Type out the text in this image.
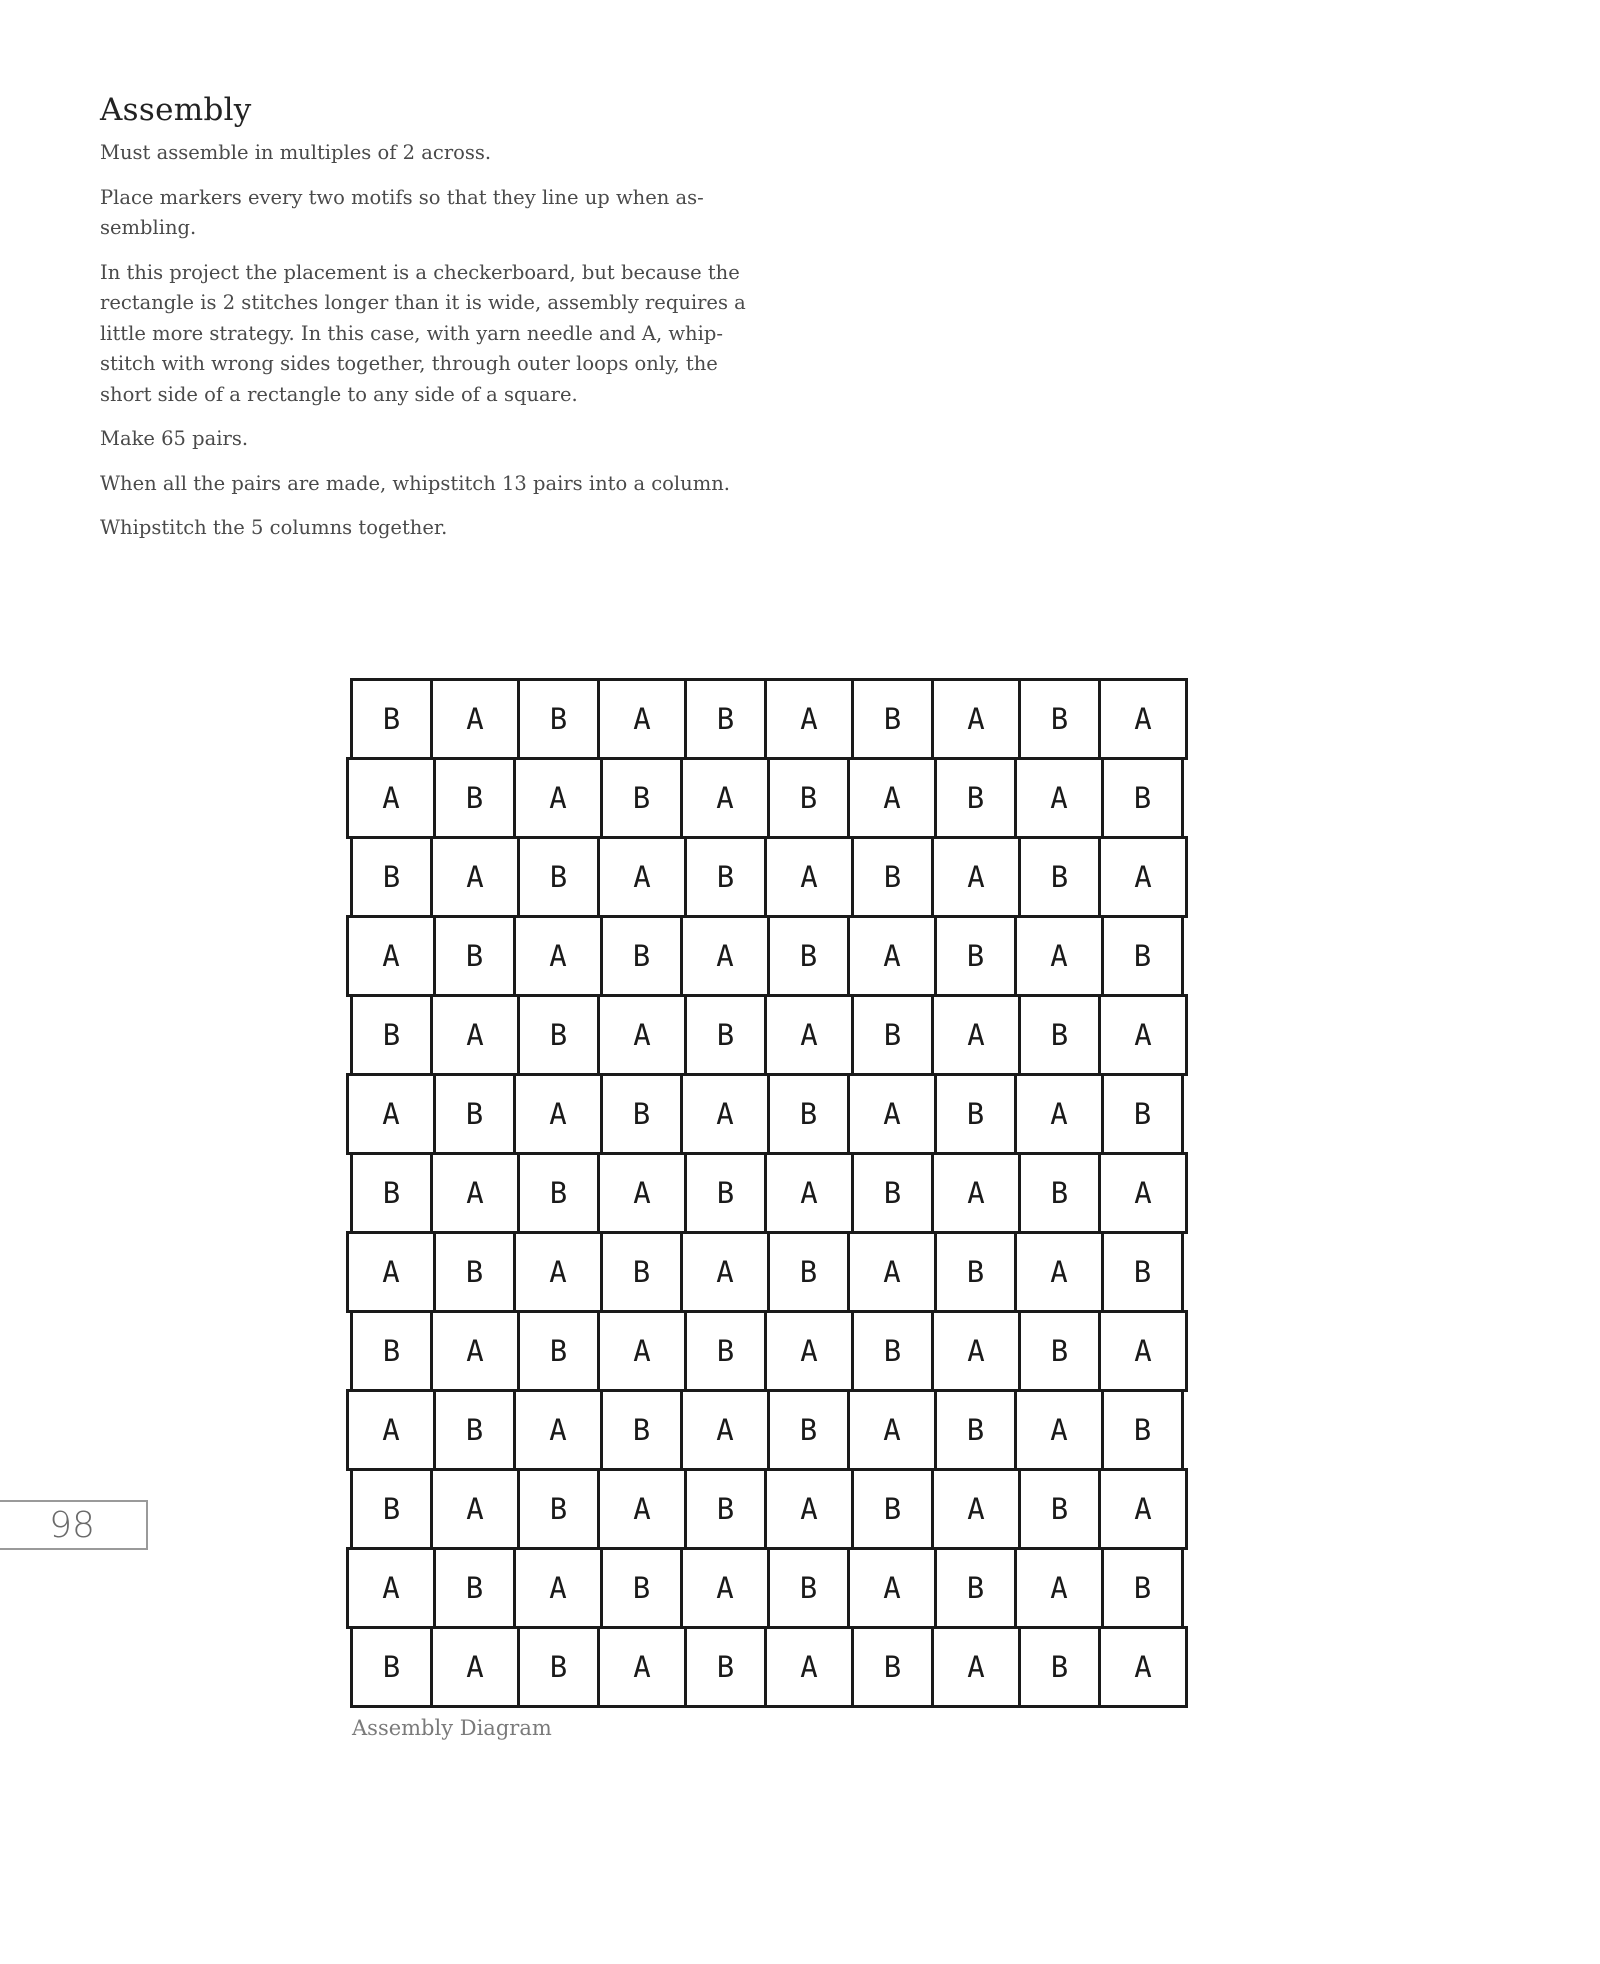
Assembly
Must assemble in multiples of 2 across.
Place markers every two motifs so that they line up when as-
sembling.
In this project the placement is a checkerboard, but because the
rectangle is 2 stitches longer than it is wide, assembly requires a
little more strategy. In this case, with yarn needle and A, whip-
stitch with wrong sides together, through outer loops only, the
short side of a rectangle to any side of a square.
Make 65 pairs.
When all the pairs are made, whipstitch 13 pairs into a column.
Whipstitch the 5 columns together.
B	A	B	A	B	A	B	A	B	A
A	B	A	B	A	B	A	B	A	B
B	A	B	A	B	A	B	A	B	A
A	B	A	B	A	B	A	B	A	B
B	A	B	A	B	A	B	A	B	A
A	B	A	B	A	B	A	B	A	B
B	A	B	A	B	A	B	A	B	A
A	B	A	B	A	B	A	B	A	B
B	A	B	A	B	A	B	A	B	A
A	B	A	B	A	B	A	B	A	B
B	A	B	A	B	A	B	A	B	A
A	B	A	B	A	B	A	B	A	B
B	A	B	A	B	A	B	A	B	A
Assembly Diagram
98
